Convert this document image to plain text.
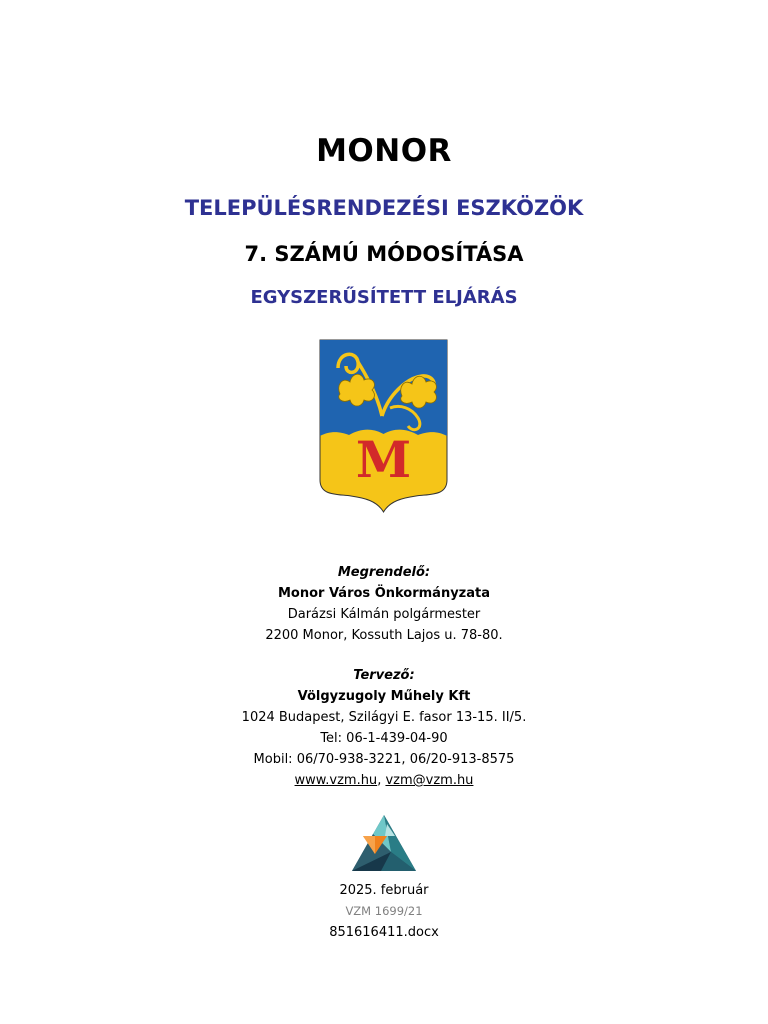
MONOR
TELEPÜLÉSRENDEZÉSI ESZKÖZÖK
7. SZÁMÚ MÓDOSÍTÁSA
EGYSZERŰSÍTETT ELJÁRÁS
M
Megrendelő:
Monor Város Önkormányzata
Darázsi Kálmán polgármester
2200 Monor, Kossuth Lajos u. 78-80.
Tervező:
Völgyzugoly Műhely Kft
1024 Budapest, Szilágyi E. fasor 13-15. II/5.
Tel: 06-1-439-04-90
Mobil: 06/70-938-3221, 06/20-913-8575
www.vzm.hu, vzm@vzm.hu
2025. február
VZM 1699/21
851616411.docx
